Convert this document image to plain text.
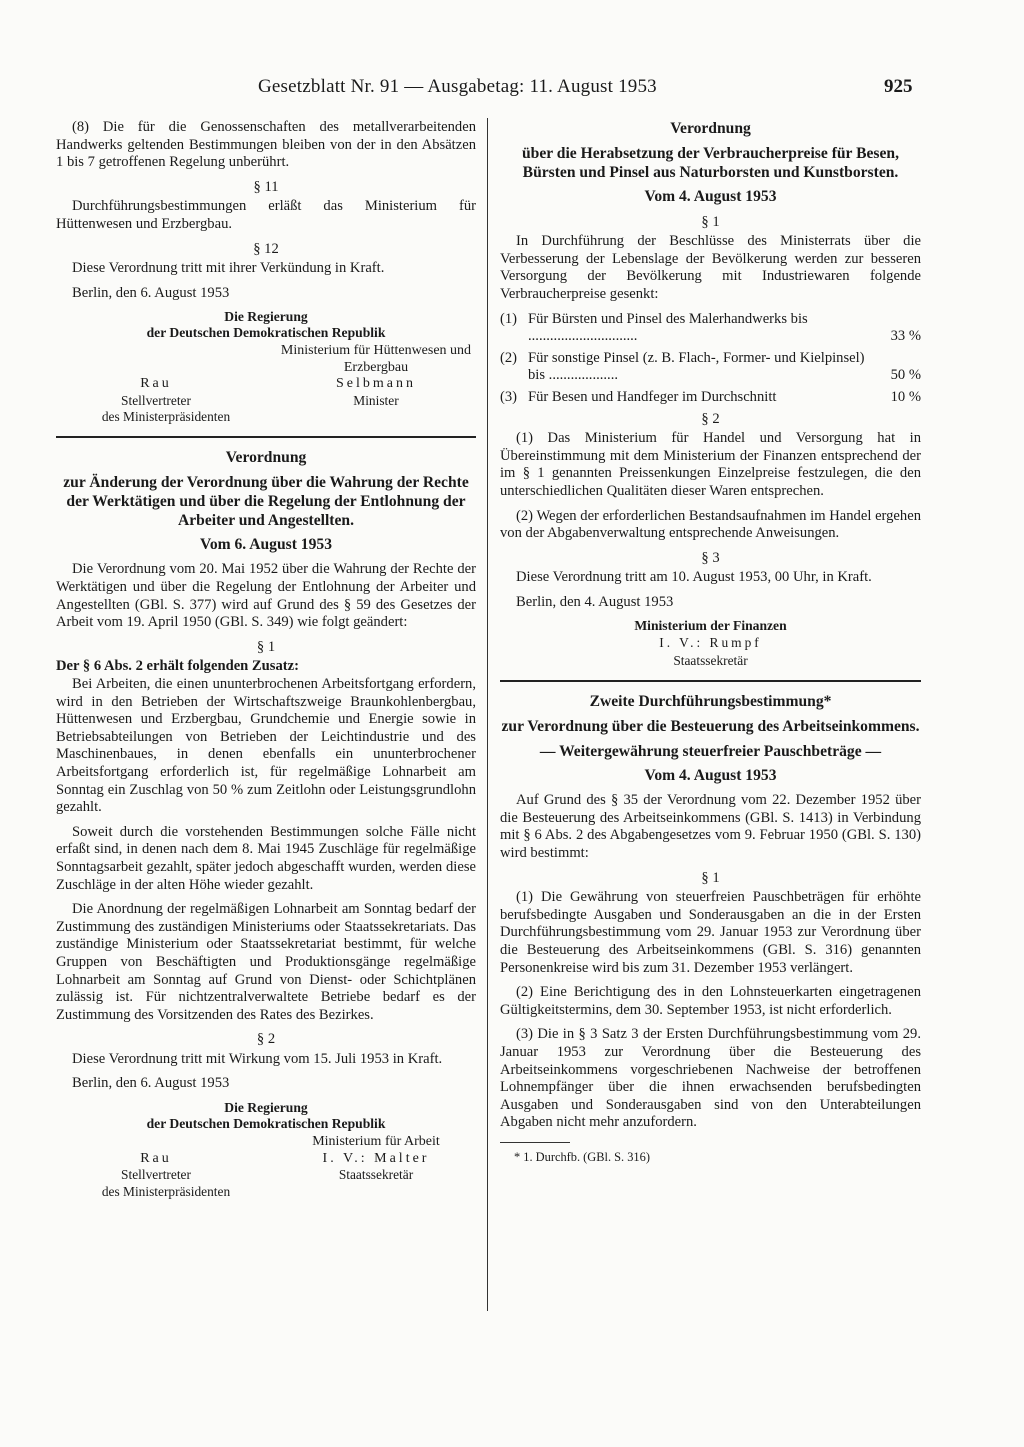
Gesetzblatt Nr. 91 — Ausgabetag: 11. August 1953	925

(8) Die für die Genossenschaften des metallverarbeitenden Handwerks geltenden Bestimmungen bleiben von der in den Absätzen 1 bis 7 getroffenen Regelung unberührt.

§ 11

Durchführungsbestimmungen erläßt das Ministerium für Hüttenwesen und Erzbergbau.

§ 12

Diese Verordnung tritt mit ihrer Verkündung in Kraft.

Berlin, den 6. August 1953

Die Regierung
der Deutschen Demokratischen Republik
Ministerium für Hüttenwesen und Erzbergbau
Rau	Selbmann
Stellvertreter	Minister
des Ministerpräsidenten
Verordnung
zur Änderung der Verordnung über die Wahrung der Rechte der Werktätigen und über die Regelung der Entlohnung der Arbeiter und Angestellten.
Vom 6. August 1953

Die Verordnung vom 20. Mai 1952 über die Wahrung der Rechte der Werktätigen und über die Regelung der Entlohnung der Arbeiter und Angestellten (GBl. S. 377) wird auf Grund des § 59 des Gesetzes der Arbeit vom 19. April 1950 (GBl. S. 349) wie folgt geändert:

§ 1
Der § 6 Abs. 2 erhält folgenden Zusatz:

Bei Arbeiten, die einen ununterbrochenen Arbeitsfortgang erfordern, wird in den Betrieben der Wirtschaftszweige Braunkohlenbergbau, Hüttenwesen und Erzbergbau, Grundchemie und Energie sowie in Betriebsabteilungen von Betrieben der Leichtindustrie und des Maschinenbaues, in denen ebenfalls ein ununterbrochener Arbeitsfortgang erforderlich ist, für regelmäßige Lohnarbeit am Sonntag ein Zuschlag von 50 % zum Zeitlohn oder Leistungsgrundlohn gezahlt.

Soweit durch die vorstehenden Bestimmungen solche Fälle nicht erfaßt sind, in denen nach dem 8. Mai 1945 Zuschläge für regelmäßige Sonntagsarbeit gezahlt, später jedoch abgeschafft wurden, werden diese Zuschläge in der alten Höhe wieder gezahlt.

Die Anordnung der regelmäßigen Lohnarbeit am Sonntag bedarf der Zustimmung des zuständigen Ministeriums oder Staatssekretariats. Das zuständige Ministerium oder Staatssekretariat bestimmt, für welche Gruppen von Beschäftigten und Produktionsgänge regelmäßige Lohnarbeit am Sonntag auf Grund von Dienst- oder Schichtplänen zulässig ist. Für nichtzentralverwaltete Betriebe bedarf es der Zustimmung des Vorsitzenden des Rates des Bezirkes.

§ 2

Diese Verordnung tritt mit Wirkung vom 15. Juli 1953 in Kraft.

Berlin, den 6. August 1953

Die Regierung
der Deutschen Demokratischen Republik
Ministerium für Arbeit
Rau	I. V.: Malter
Stellvertreter	Staatssekretär
des Ministerpräsidenten
Verordnung
über die Herabsetzung der Verbraucherpreise für Besen, Bürsten und Pinsel aus Naturborsten und Kunstborsten.
Vom 4. August 1953
§ 1

In Durchführung der Beschlüsse des Ministerrats über die Verbesserung der Lebenslage der Bevölkerung werden zur besseren Versorgung der Bevölkerung mit Industriewaren folgende Verbraucherpreise gesenkt:

(1) Für Bürsten und Pinsel des Malerhandwerks bis ..............................	33 %
(2) Für sonstige Pinsel (z. B. Flach-, Former- und Kielpinsel) bis ...................	50 %
(3) Für Besen und Handfeger im Durchschnitt	10 %
§ 2

(1) Das Ministerium für Handel und Versorgung hat in Übereinstimmung mit dem Ministerium der Finanzen entsprechend der im § 1 genannten Preissenkungen Einzelpreise festzulegen, die den unterschiedlichen Qualitäten dieser Waren entsprechen.

(2) Wegen der erforderlichen Bestandsaufnahmen im Handel ergehen von der Abgabenverwaltung entsprechende Anweisungen.

§ 3

Diese Verordnung tritt am 10. August 1953, 00 Uhr, in Kraft.

Berlin, den 4. August 1953

Ministerium der Finanzen
I. V.: Rumpf
Staatssekretär
Zweite Durchführungsbestimmung*
zur Verordnung über die Besteuerung des Arbeitseinkommens.
— Weitergewährung steuerfreier Pauschbeträge —
Vom 4. August 1953

Auf Grund des § 35 der Verordnung vom 22. Dezember 1952 über die Besteuerung des Arbeitseinkommens (GBl. S. 1413) in Verbindung mit § 6 Abs. 2 des Abgabengesetzes vom 9. Februar 1950 (GBl. S. 130) wird bestimmt:

§ 1

(1) Die Gewährung von steuerfreien Pauschbeträgen für erhöhte berufsbedingte Ausgaben und Sonderausgaben an die in der Ersten Durchführungsbestimmung vom 29. Januar 1953 zur Verordnung über die Besteuerung des Arbeitseinkommens (GBl. S. 316) genannten Personenkreise wird bis zum 31. Dezember 1953 verlängert.

(2) Eine Berichtigung des in den Lohnsteuerkarten eingetragenen Gültigkeitstermins, dem 30. September 1953, ist nicht erforderlich.

(3) Die in § 3 Satz 3 der Ersten Durchführungsbestimmung vom 29. Januar 1953 zur Verordnung über die Besteuerung des Arbeitseinkommens vorgeschriebenen Nachweise der betroffenen Lohnempfänger über die ihnen erwachsenden berufsbedingten Ausgaben und Sonderausgaben sind von den Unterabteilungen Abgaben nicht mehr anzufordern.

* 1. Durchfb. (GBl. S. 316)
